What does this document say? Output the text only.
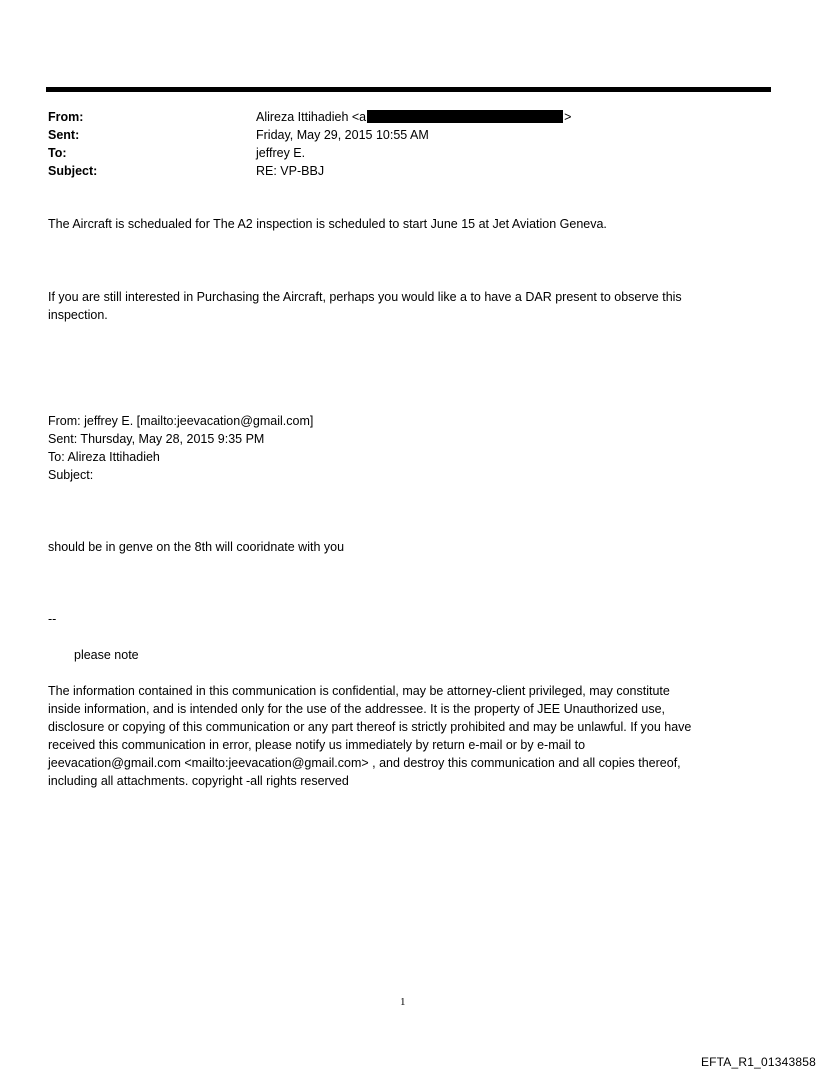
From:	Alireza Ittihadieh <a	>
Sent:	Friday, May 29, 2015 10:55 AM
To:	jeffrey E.
Subject:	RE: VP-BBJ
The Aircraft is schedualed for The A2 inspection is scheduled to start June 15 at Jet Aviation Geneva.
If you are still interested in Purchasing the Aircraft, perhaps you would like a to have a DAR present to observe this
inspection.
From: jeffrey E. [mailto:jeevacation@gmail.com]
Sent: Thursday, May 28, 2015 9:35 PM
To: Alireza Ittihadieh
Subject:
should be in genve on the 8th will cooridnate with you
--
please note
The information contained in this communication is confidential, may be attorney-client privileged, may constitute
inside information, and is intended only for the use of the addressee. It is the property of JEE Unauthorized use,
disclosure or copying of this communication or any part thereof is strictly prohibited and may be unlawful. If you have
received this communication in error, please notify us immediately by return e-mail or by e-mail to
jeevacation@gmail.com <mailto:jeevacation@gmail.com> , and destroy this communication and all copies thereof,
including all attachments. copyright -all rights reserved
1
EFTA_R1_01343858
